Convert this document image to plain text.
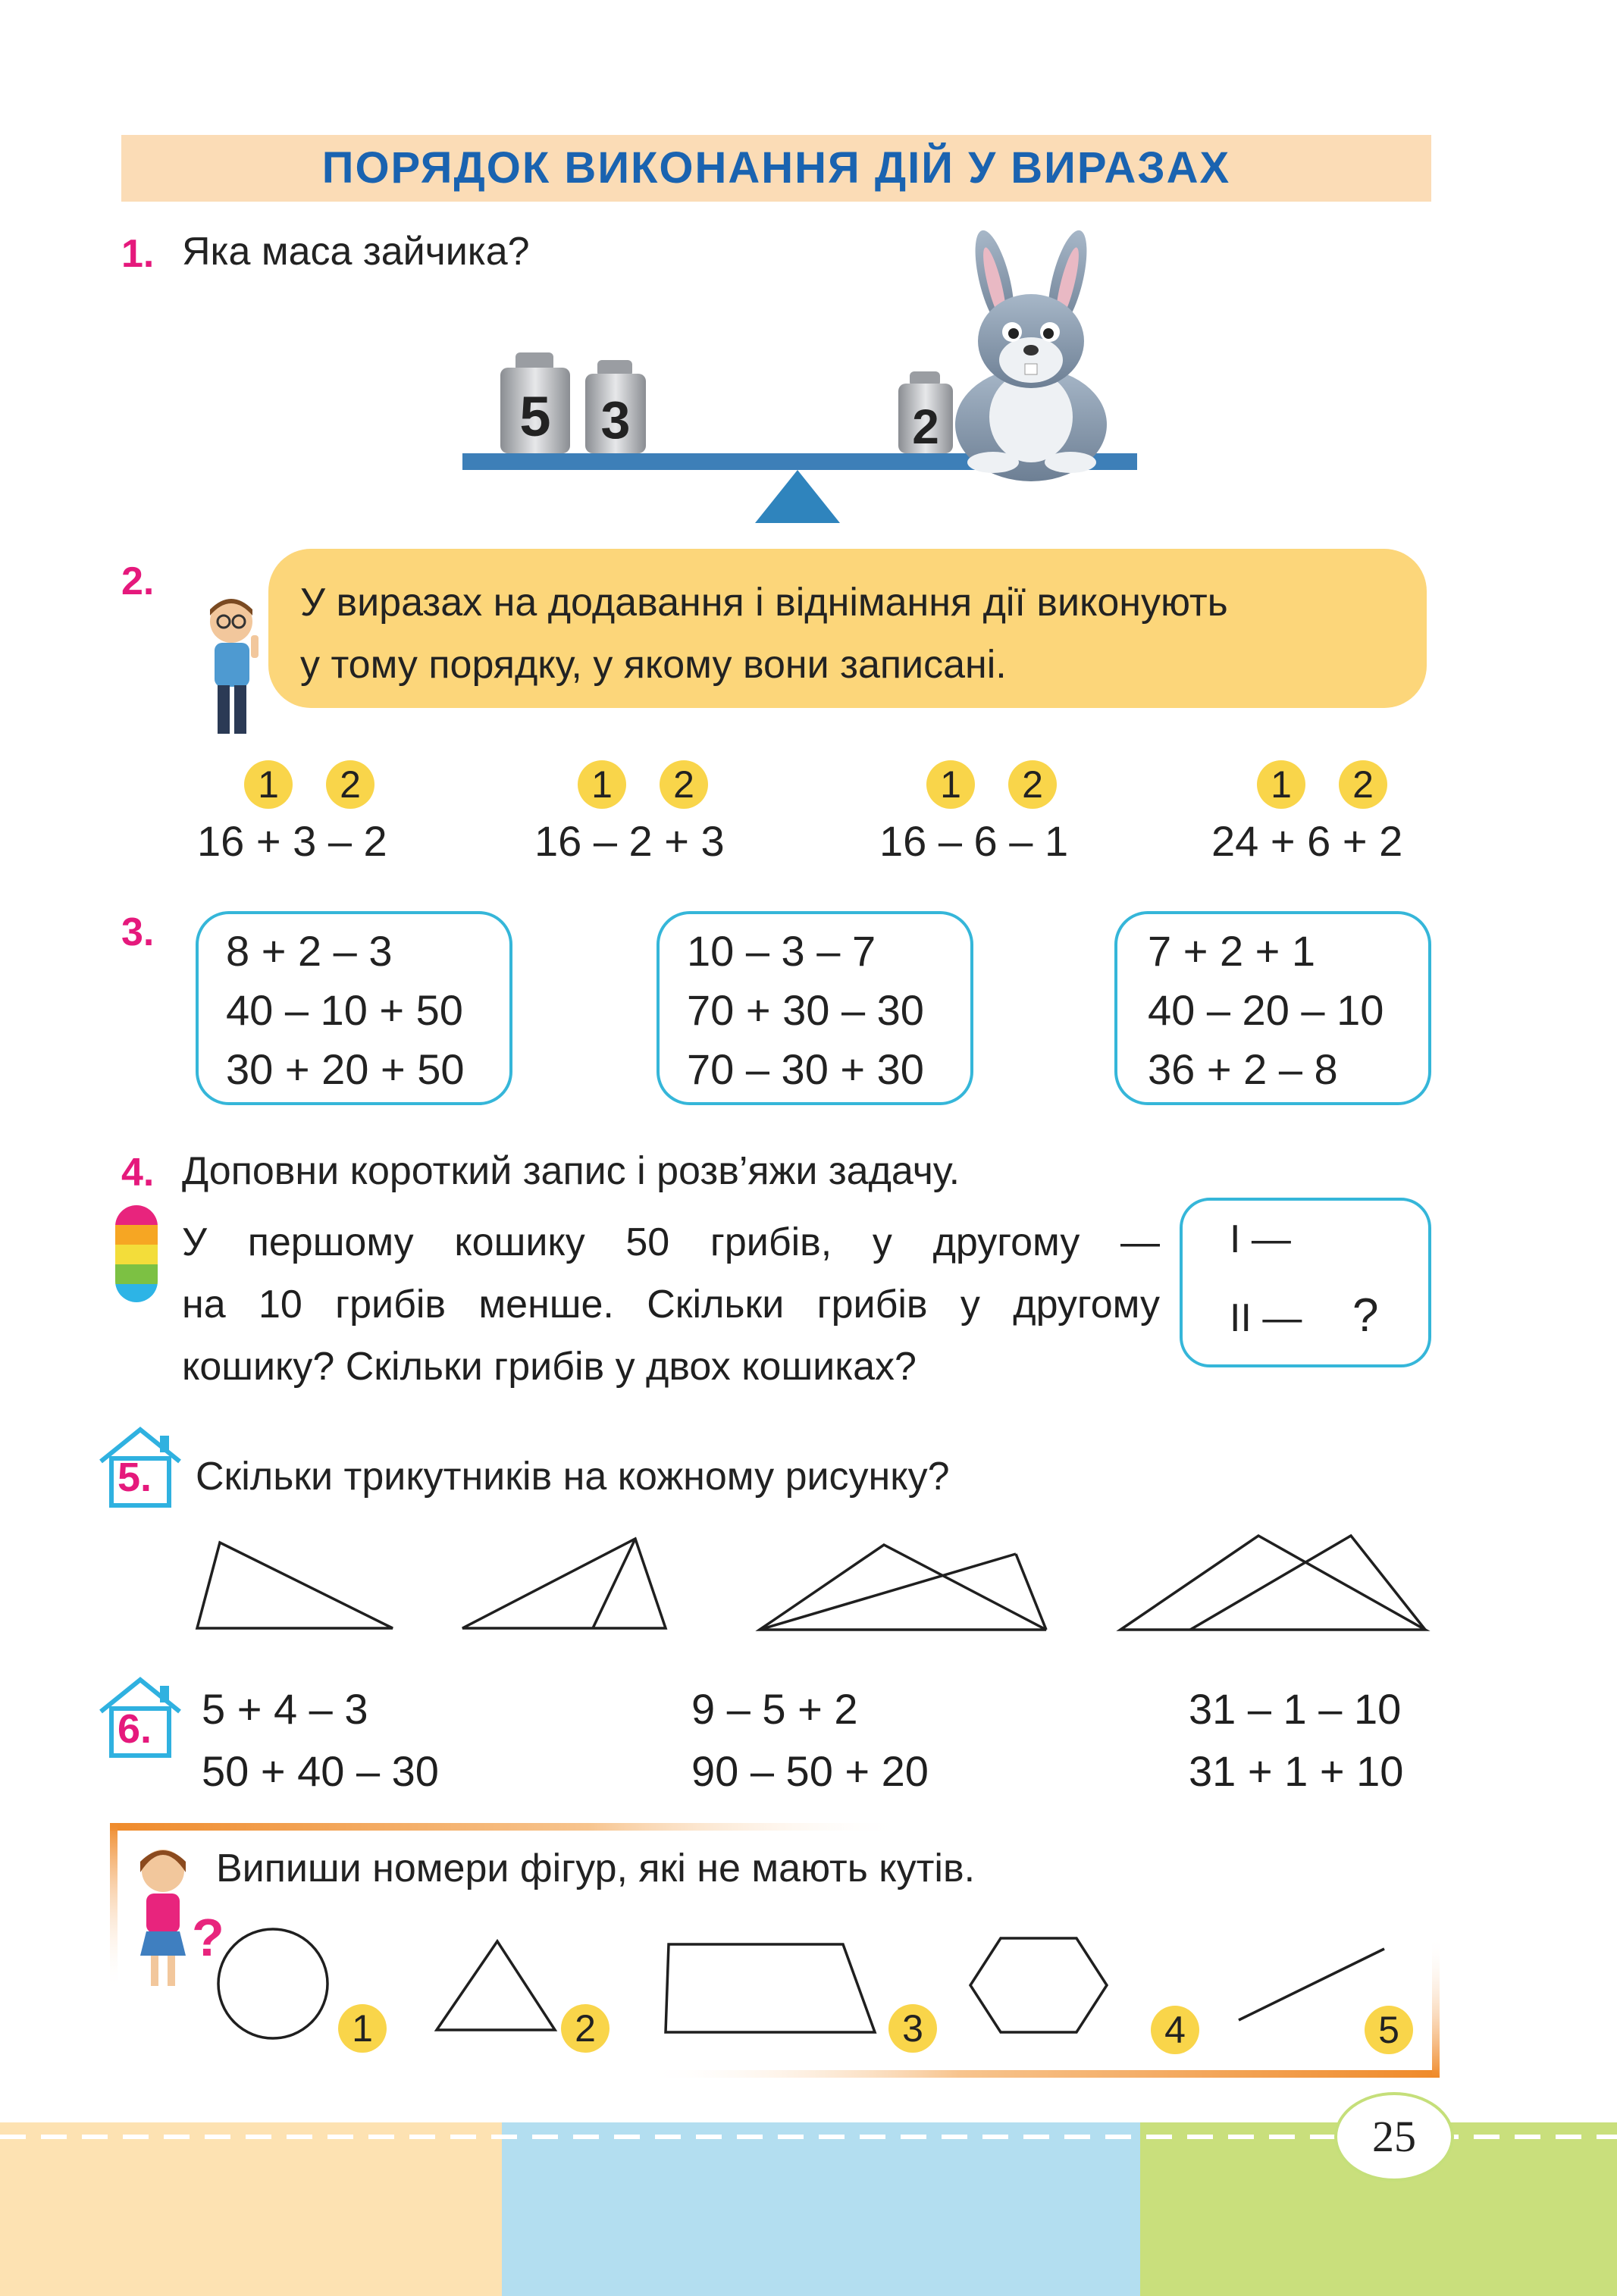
ПОРЯДОК ВИКОНАННЯ ДІЙ У ВИРАЗАХ
1. Яка маса зайчика?
5 3	2
2.	У виразах на додавання і віднімання дії виконують
у тому порядку, у якому вони записані.
1	2	1	2	1	2	1	2
16 + 3 – 2	16 – 2 + 3	16 – 6 – 1	24 + 6 + 2
3. 8 + 2 – 3
40 – 10 + 50
30 + 20 + 50
10 – 3 – 7
70 + 30 – 30
70 – 30 + 30
7 + 2 + 1
40 – 20 – 10
36 + 2 – 8
4. Доповни короткий запис і розв’яжи задачу.
У першому кошику 50 грибів, у другому —
на 10 грибів менше. Скільки грибів у другому
кошику? Скільки грибів у двох кошиках?
I —
II — ?
5. Скільки трикутників на кожному рисунку?
6. 5 + 4 – 3
50 + 40 – 30
9 – 5 + 2
90 – 50 + 20
31 – 1 – 10
31 + 1 + 10
?
Випиши номери фігур, які не мають кутів.
1	2	3	4	5
25
